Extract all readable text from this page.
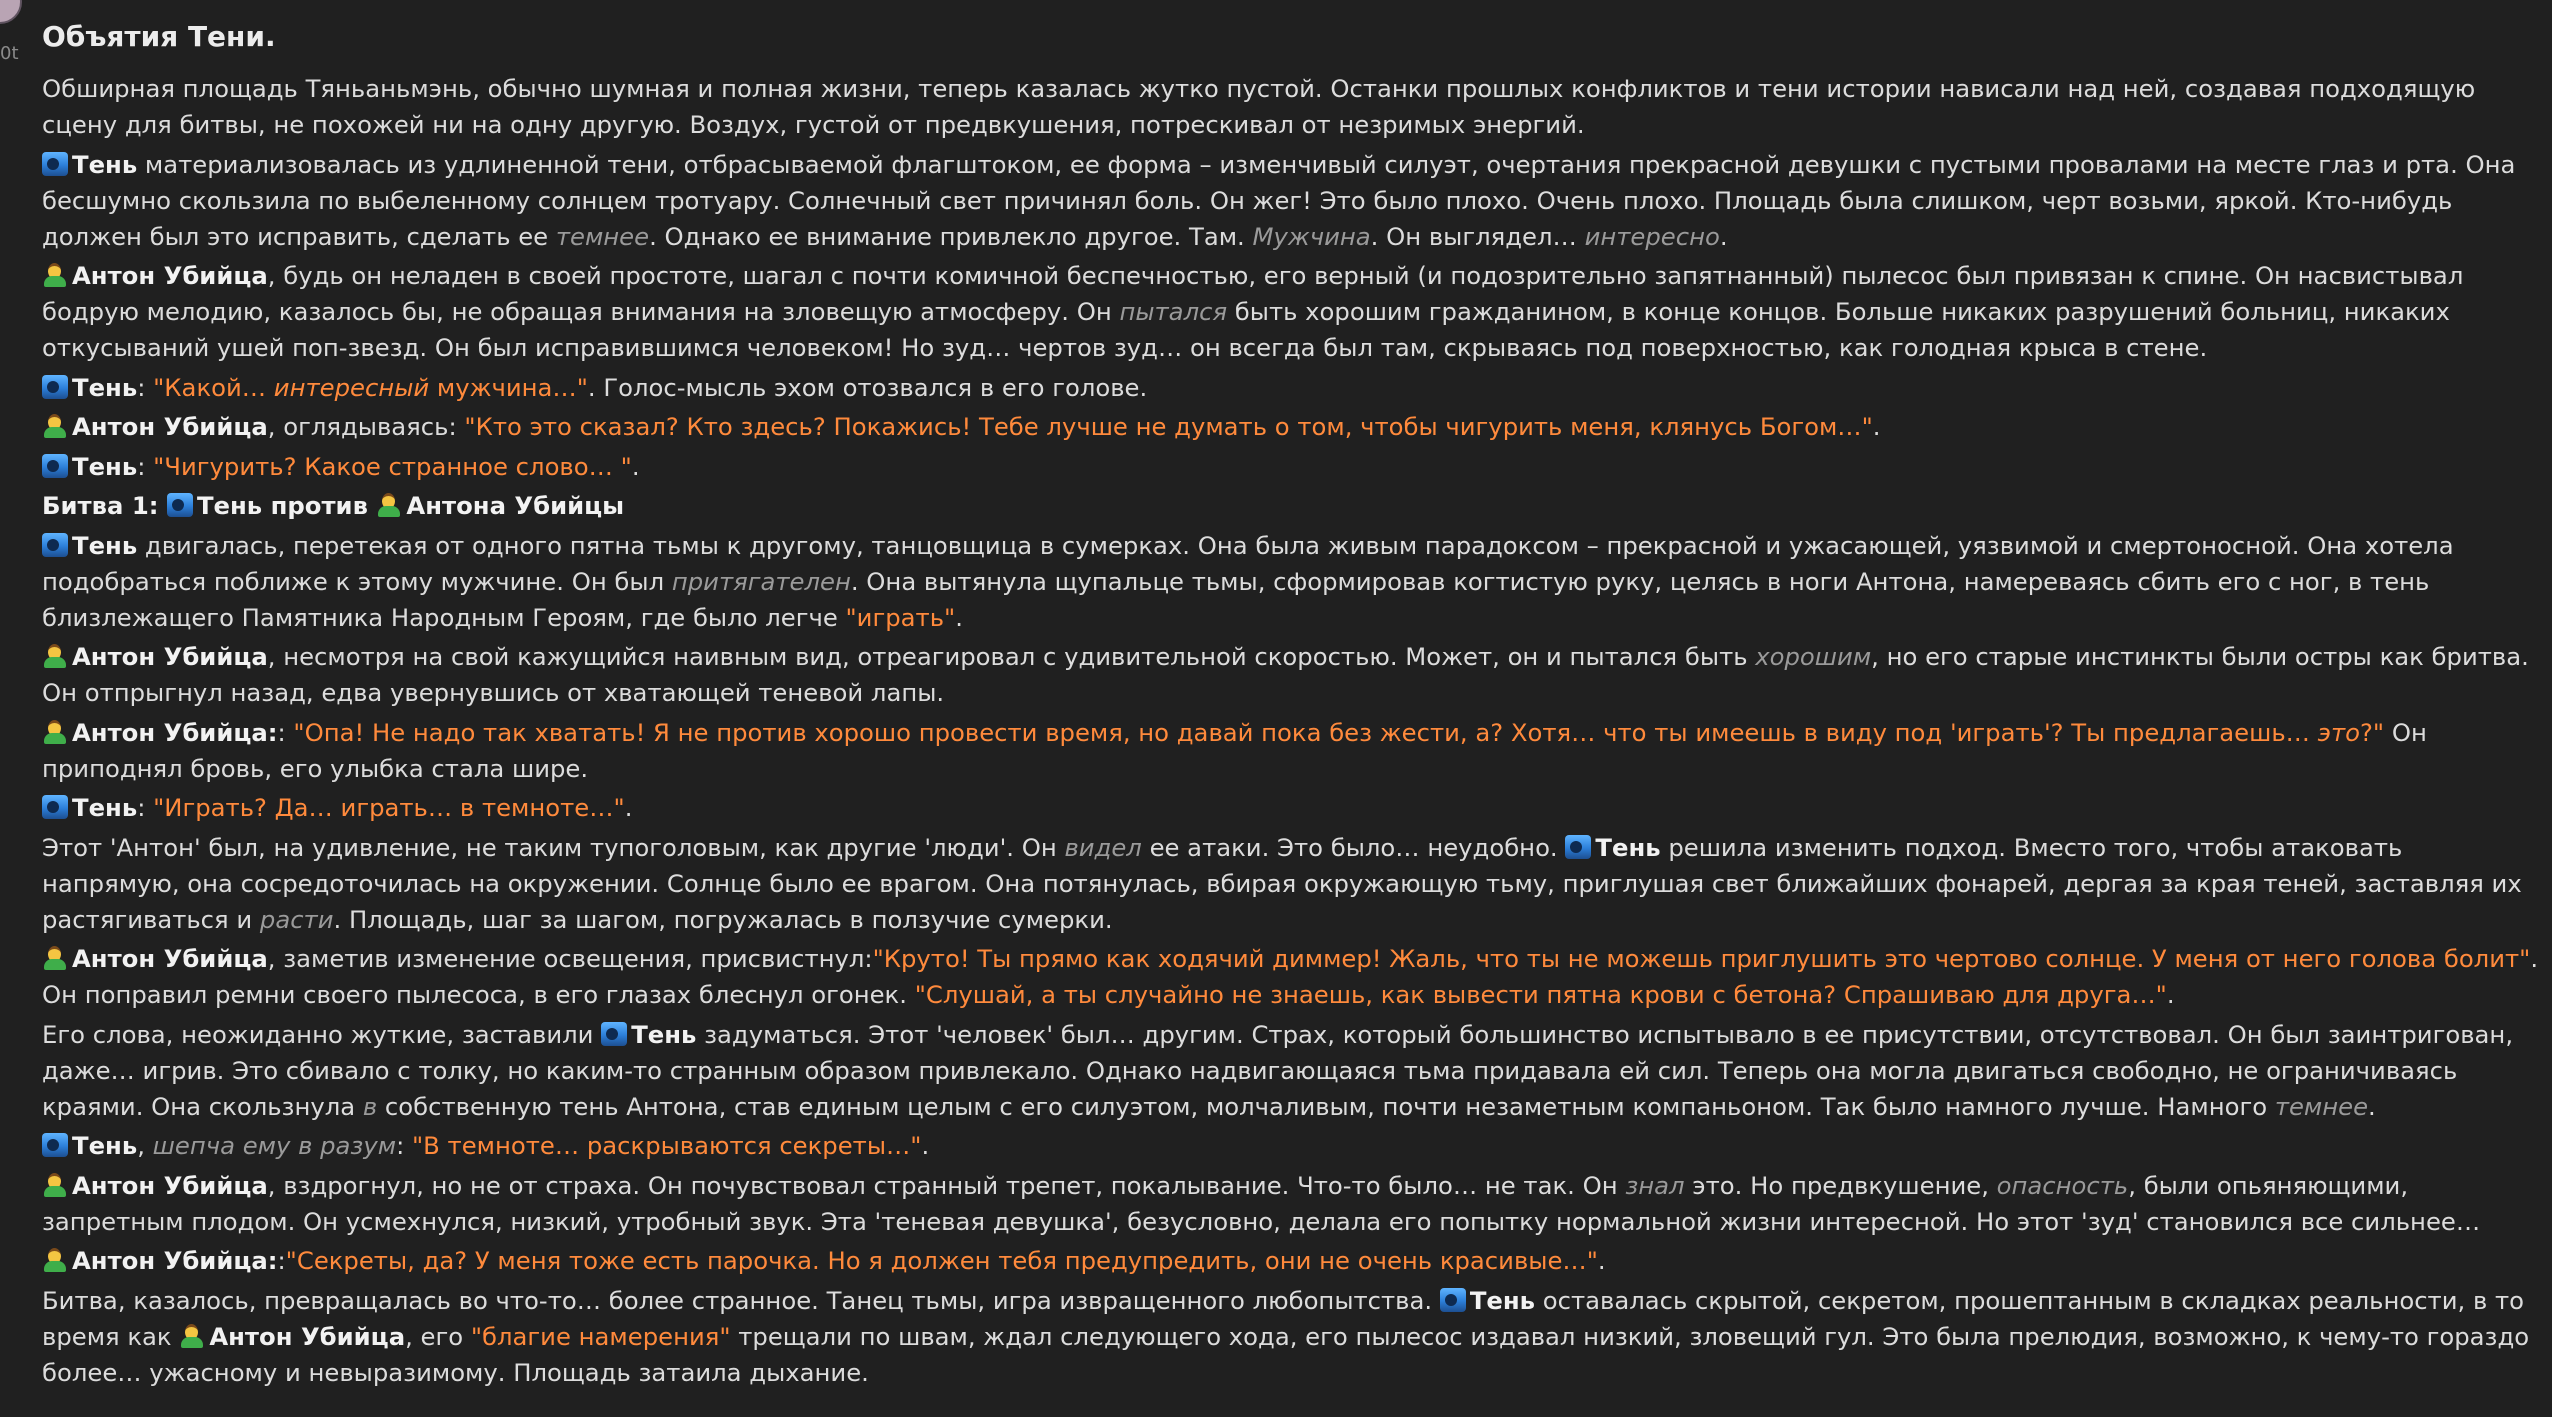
0t
Объятия Тени.
Обширная площадь Тяньаньмэнь, обычно шумная и полная жизни, теперь казалась жутко пустой. Останки прошлых конфликтов и тени истории нависали над ней, создавая подходящую сцену для битвы, не похожей ни на одну другую. Воздух, густой от предвкушения, потрескивал от незримых энергий.
Тень материализовалась из удлиненной тени, отбрасываемой флагштоком, ее форма – изменчивый силуэт, очертания прекрасной девушки с пустыми провалами на месте глаз и рта. Она бесшумно скользила по выбеленному солнцем тротуару. Солнечный свет причинял боль. Он жег! Это было плохо. Очень плохо. Площадь была слишком, черт возьми, яркой. Кто-нибудь должен был это исправить, сделать ее темнее. Однако ее внимание привлекло другое. Там. Мужчина. Он выглядел… интересно.
Антон Убийца, будь он неладен в своей простоте, шагал с почти комичной беспечностью, его верный (и подозрительно запятнанный) пылесос был привязан к спине. Он насвистывал бодрую мелодию, казалось бы, не обращая внимания на зловещую атмосферу. Он пытался быть хорошим гражданином, в конце концов. Больше никаких разрушений больниц, никаких откусываний ушей поп-звезд. Он был исправившимся человеком! Но зуд… чертов зуд… он всегда был там, скрываясь под поверхностью, как голодная крыса в стене.
Тень: "Какой… интересный мужчина…". Голос-мысль эхом отозвался в его голове.
Антон Убийца, оглядываясь: "Кто это сказал? Кто здесь? Покажись! Тебе лучше не думать о том, чтобы чигурить меня, клянусь Богом…".
Тень: "Чигурить? Какое странное слово… ".
Битва 1: Тень против Антона Убийцы
Тень двигалась, перетекая от одного пятна тьмы к другому, танцовщица в сумерках. Она была живым парадоксом – прекрасной и ужасающей, уязвимой и смертоносной. Она хотела подобраться поближе к этому мужчине. Он был притягателен. Она вытянула щупальце тьмы, сформировав когтистую руку, целясь в ноги Антона, намереваясь сбить его с ног, в тень близлежащего Памятника Народным Героям, где было легче "играть".
Антон Убийца, несмотря на свой кажущийся наивным вид, отреагировал с удивительной скоростью. Может, он и пытался быть хорошим, но его старые инстинкты были остры как бритва. Он отпрыгнул назад, едва увернувшись от хватающей теневой лапы.
Антон Убийца:: "Опа! Не надо так хватать! Я не против хорошо провести время, но давай пока без жести, а? Хотя… что ты имеешь в виду под 'играть'? Ты предлагаешь… это?" Он приподнял бровь, его улыбка стала шире.
Тень: "Играть? Да… играть… в темноте…".
Этот 'Антон' был, на удивление, не таким тупоголовым, как другие 'люди'. Он видел ее атаки. Это было… неудобно. Тень решила изменить подход. Вместо того, чтобы атаковать напрямую, она сосредоточилась на окружении. Солнце было ее врагом. Она потянулась, вбирая окружающую тьму, приглушая свет ближайших фонарей, дергая за края теней, заставляя их растягиваться и расти. Площадь, шаг за шагом, погружалась в ползучие сумерки.
Антон Убийца, заметив изменение освещения, присвистнул:"Круто! Ты прямо как ходячий диммер! Жаль, что ты не можешь приглушить это чертово солнце. У меня от него голова болит". Он поправил ремни своего пылесоса, в его глазах блеснул огонек. "Слушай, а ты случайно не знаешь, как вывести пятна крови с бетона? Спрашиваю для друга…".
Его слова, неожиданно жуткие, заставили Тень задуматься. Этот 'человек' был… другим. Страх, который большинство испытывало в ее присутствии, отсутствовал. Он был заинтригован, даже… игрив. Это сбивало с толку, но каким-то странным образом привлекало. Однако надвигающаяся тьма придавала ей сил. Теперь она могла двигаться свободно, не ограничиваясь краями. Она скользнула в собственную тень Антона, став единым целым с его силуэтом, молчаливым, почти незаметным компаньоном. Так было намного лучше. Намного темнее.
Тень, шепча ему в разум: "В темноте… раскрываются секреты…".
Антон Убийца, вздрогнул, но не от страха. Он почувствовал странный трепет, покалывание. Что-то было… не так. Он знал это. Но предвкушение, опасность, были опьяняющими, запретным плодом. Он усмехнулся, низкий, утробный звук. Эта 'теневая девушка', безусловно, делала его попытку нормальной жизни интересной. Но этот 'зуд' становился все сильнее…
Антон Убийца::"Секреты, да? У меня тоже есть парочка. Но я должен тебя предупредить, они не очень красивые…".
Битва, казалось, превращалась во что-то… более странное. Танец тьмы, игра извращенного любопытства. Тень оставалась скрытой, секретом, прошептанным в складках реальности, в то время как Антон Убийца, его "благие намерения" трещали по швам, ждал следующего хода, его пылесос издавал низкий, зловещий гул. Это была прелюдия, возможно, к чему-то гораздо более… ужасному и невыразимому. Площадь затаила дыхание.
